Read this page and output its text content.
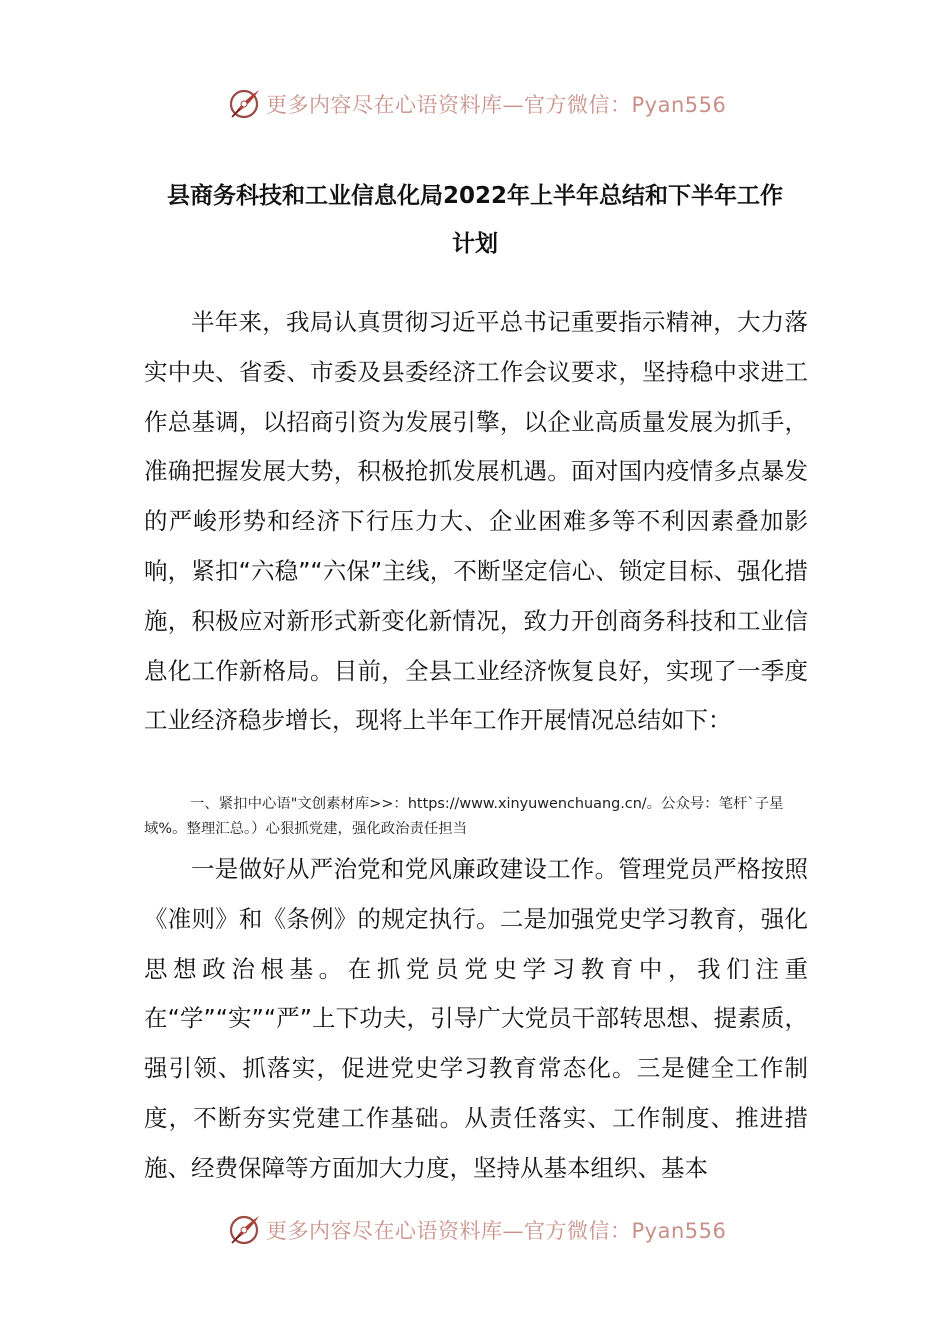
更多内容尽在心语资料库—官方微信：Pyan556
县商务科技和工业信息化局2022年上半年总结和下半年工作
计划

半年来，我局认真贯彻习近平总书记重要指示精神，大力落实中央、省委、市委及县委经济工作会议要求，坚持稳中求进工作总基调，以招商引资为发展引擎，以企业高质量发展为抓手，准确把握发展大势，积极抢抓发展机遇。面对国内疫情多点暴发的严峻形势和经济下行压力大、企业困难多等不利因素叠加影响，紧扣“六稳”“六保”主线，不断坚定信心、锁定目标、强化措施，积极应对新形式新变化新情况，致力开创商务科技和工业信息化工作新格局。目前，全县工业经济恢复良好，实现了一季度工业经济稳步增长，现将上半年工作开展情况总结如下：

一、紧扣中心语"文创素材库>>：https://www.xinyuwenchuang.cn/。公众号：笔杆`子星域%。整理汇总。）心狠抓党建，强化政治责任担当

一是做好从严治党和党风廉政建设工作。管理党员严格按照《准则》和《条例》的规定执行。二是加强党史学习教育，强化思想政治根基。在抓党员党史学习教育中，我们注重在“学”“实”“严”上下功夫，引导广大党员干部转思想、提素质，强引领、抓落实，促进党史学习教育常态化。三是健全工作制度，不断夯实党建工作基础。从责任落实、工作制度、推进措施、经费保障等方面加大力度，坚持从基本组织、基本

更多内容尽在心语资料库—官方微信：Pyan556
